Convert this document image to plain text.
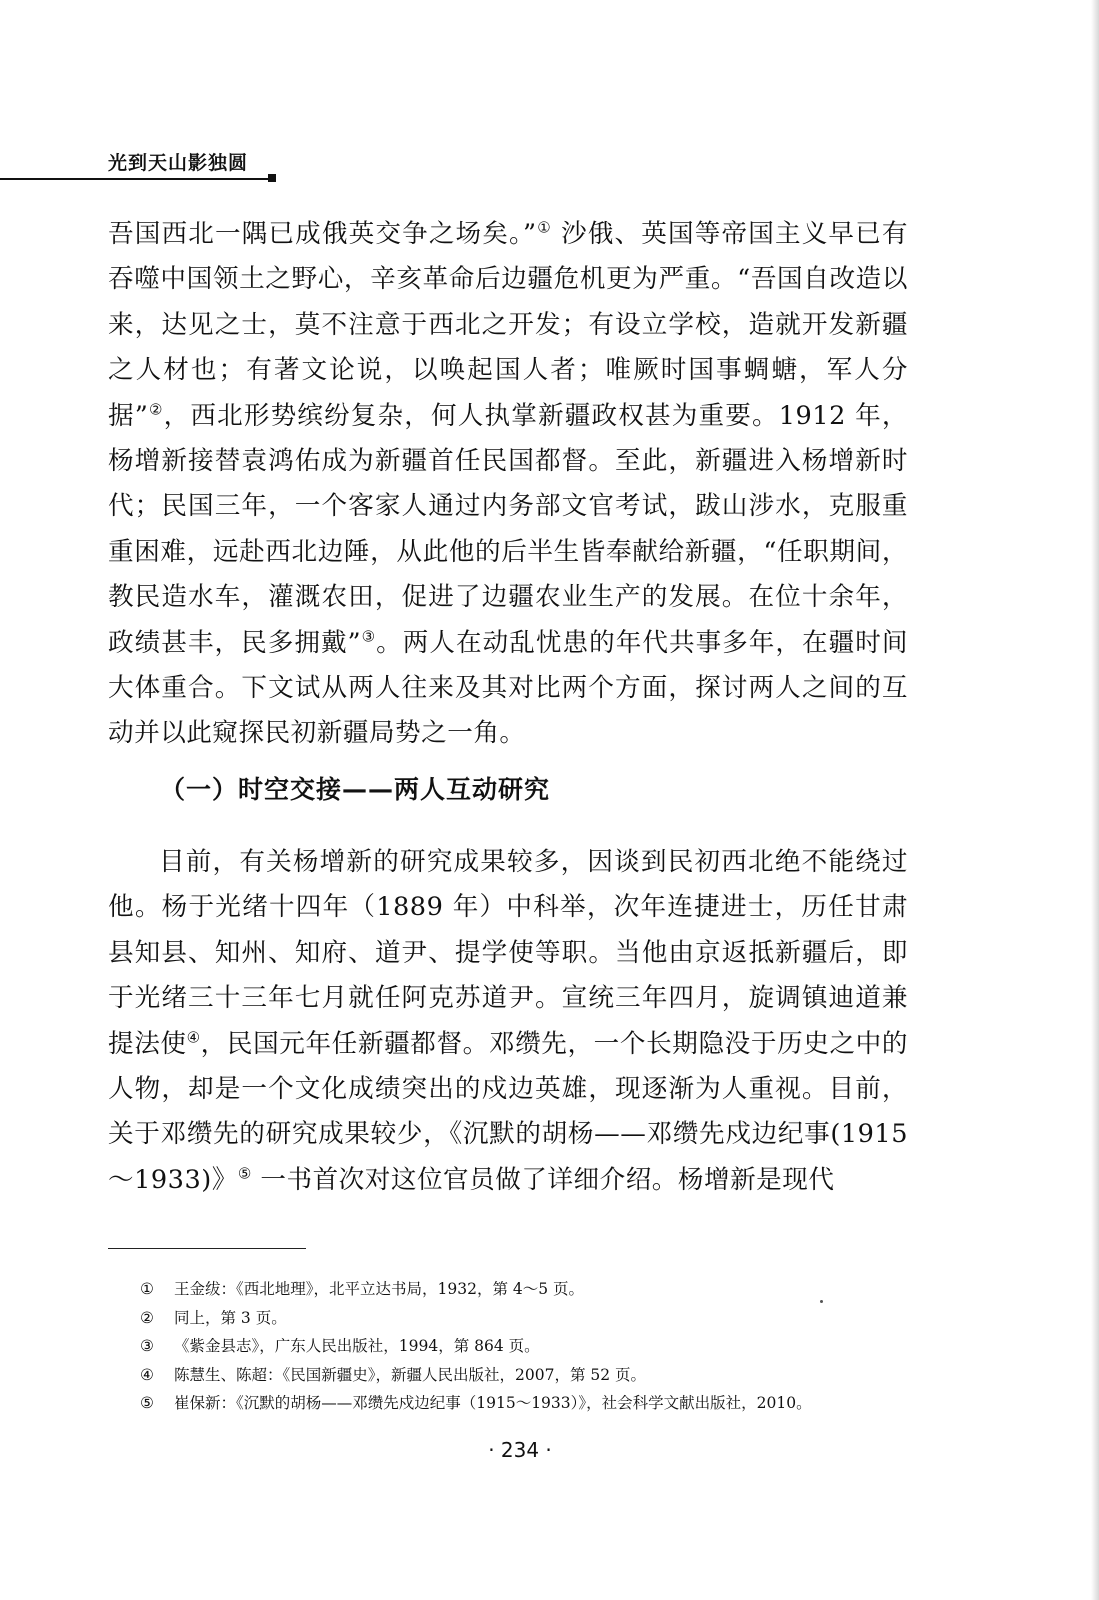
光到天山影独圆

吾国西北一隅已成俄英交争之场矣。”① 沙俄、英国等帝国主义早已有吞噬中国领土之野心，辛亥革命后边疆危机更为严重。“吾国自改造以来，达见之士，莫不注意于西北之开发；有设立学校，造就开发新疆之人材也；有著文论说，以唤起国人者；唯厥时国事蜩螗，军人分据”②，西北形势缤纷复杂，何人执掌新疆政权甚为重要。1912 年，杨增新接替袁鸿佑成为新疆首任民国都督。至此，新疆进入杨增新时代；民国三年，一个客家人通过内务部文官考试，跋山涉水，克服重重困难，远赴西北边陲，从此他的后半生皆奉献给新疆，“任职期间，教民造水车，灌溉农田，促进了边疆农业生产的发展。在位十余年，政绩甚丰，民多拥戴”③。两人在动乱忧患的年代共事多年，在疆时间大体重合。下文试从两人往来及其对比两个方面，探讨两人之间的互动并以此窥探民初新疆局势之一角。

（一）时空交接——两人互动研究

目前，有关杨增新的研究成果较多，因谈到民初西北绝不能绕过他。杨于光绪十四年（1889 年）中科举，次年连捷进士，历任甘肃县知县、知州、知府、道尹、提学使等职。当他由京返抵新疆后，即于光绪三十三年七月就任阿克苏道尹。宣统三年四月，旋调镇迪道兼提法使④，民国元年任新疆都督。邓缵先，一个长期隐没于历史之中的人物，却是一个文化成绩突出的戍边英雄，现逐渐为人重视。目前，关于邓缵先的研究成果较少，《沉默的胡杨——邓缵先戍边纪事(1915～1933)》⑤ 一书首次对这位官员做了详细介绍。杨增新是现代

① 王金绂：《西北地理》，北平立达书局，1932，第 4～5 页。
② 同上，第 3 页。
③ 《紫金县志》，广东人民出版社，1994，第 864 页。
④ 陈慧生、陈超：《民国新疆史》，新疆人民出版社，2007，第 52 页。
⑤ 崔保新：《沉默的胡杨——邓缵先戍边纪事（1915～1933）》，社会科学文献出版社，2010。
· 234 ·
